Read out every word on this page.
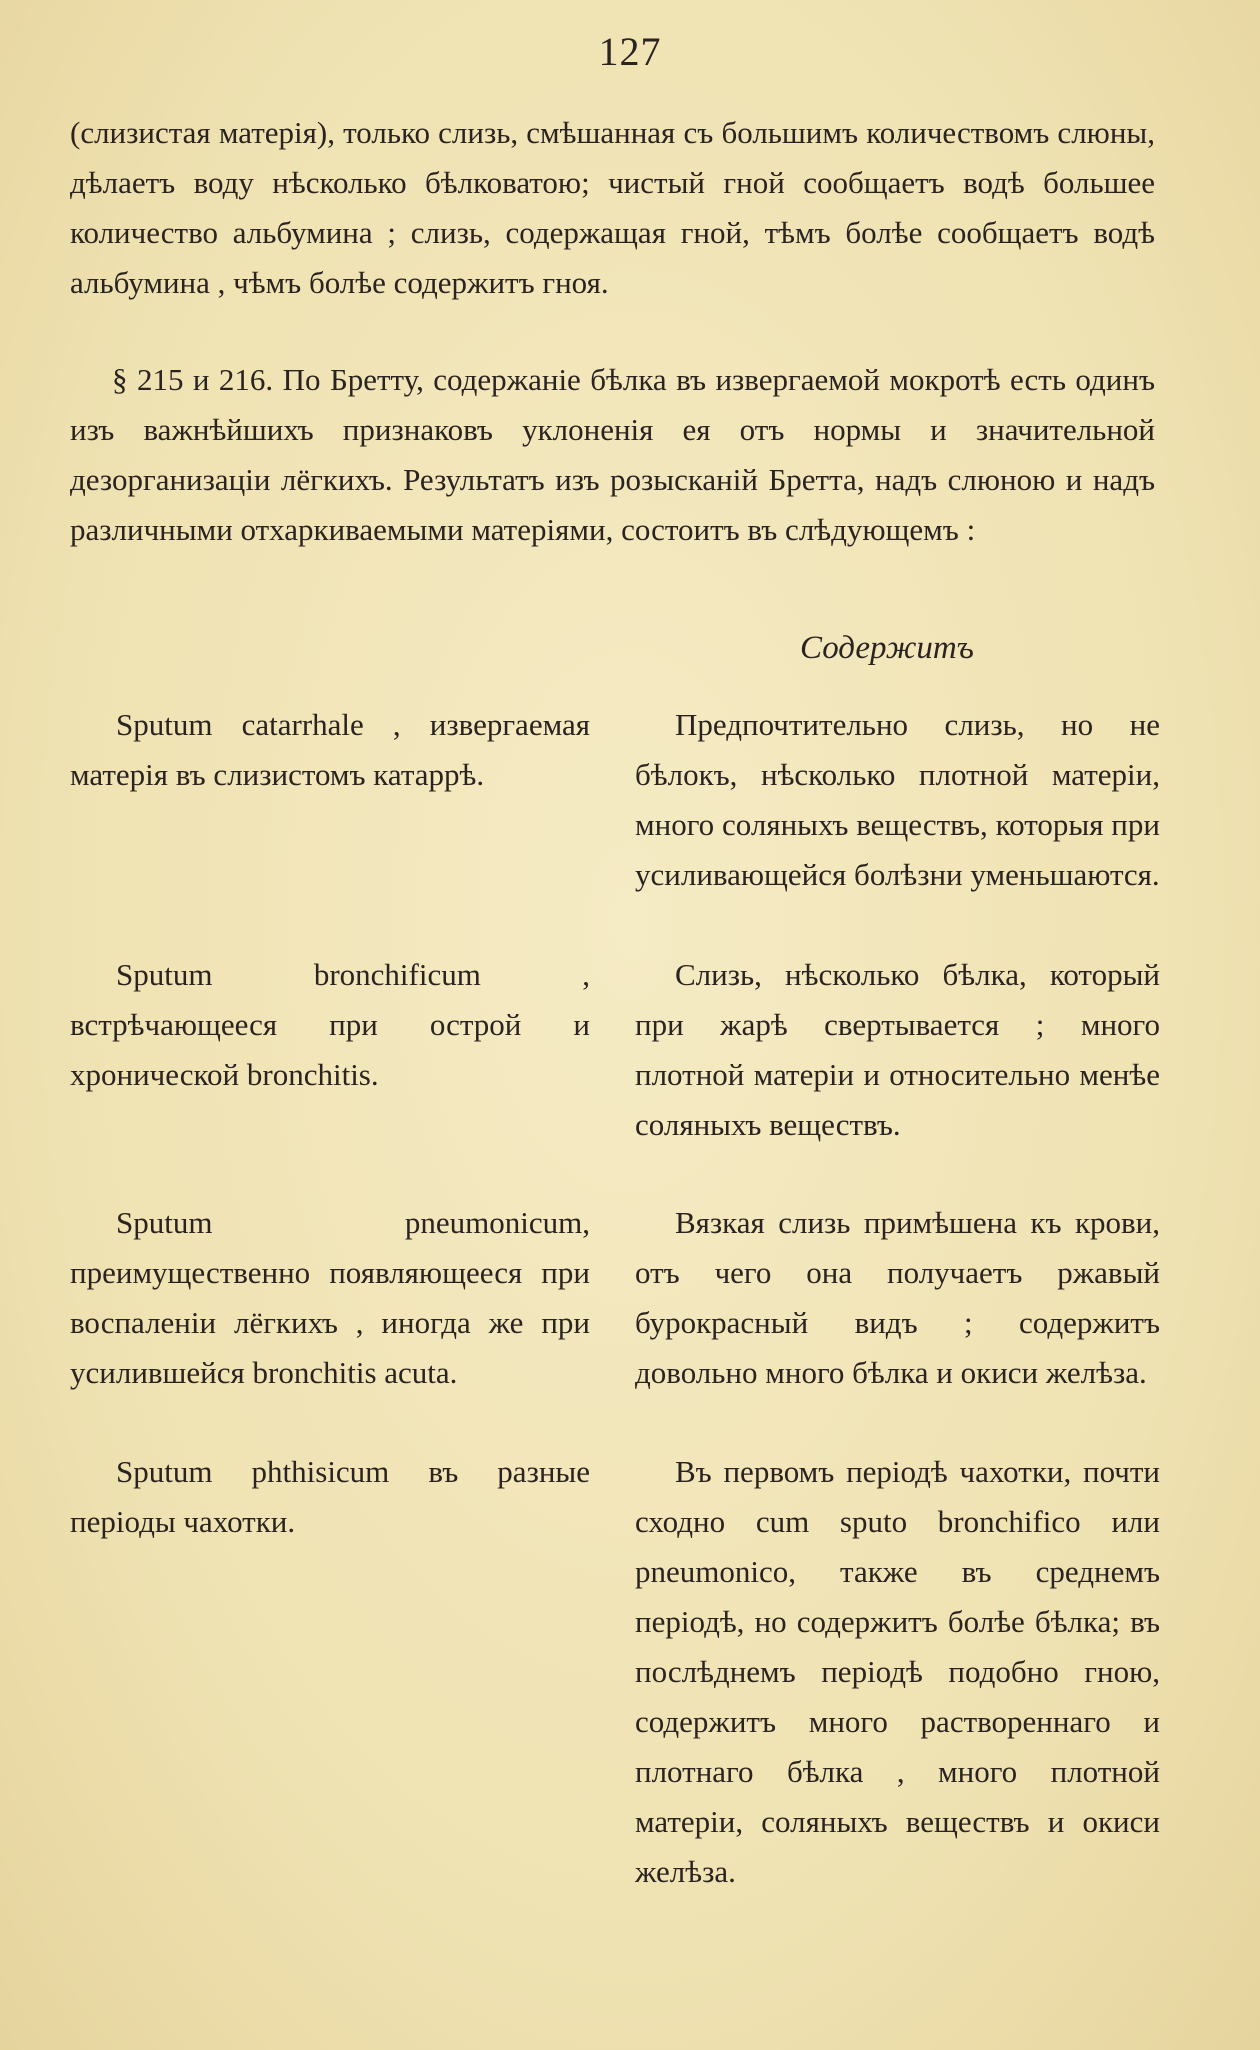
127
(слизистая матерія), только слизь, смѣшанная съ большимъ количествомъ слюны, дѣлаетъ воду нѣсколько бѣлковатою; чистый гной сообщаетъ водѣ большее количество альбумина ; слизь, содержащая гной, тѣмъ болѣе сообщаетъ водѣ альбумина , чѣмъ болѣе содержитъ гноя.
§ 215 и 216. По Бретту, содержаніе бѣлка въ извергаемой мокротѣ есть одинъ изъ важнѣйшихъ признаковъ уклоненія ея отъ нормы и значительной дезорганизаціи лёгкихъ. Результатъ изъ розысканій Бретта, надъ слюною и надъ различными отхаркиваемыми матеріями, состоитъ въ слѣдующемъ :
Содержитъ
Sputum catarrhale , извергаемая матерія въ слизистомъ катаррѣ.
Предпочтительно слизь, но не бѣлокъ, нѣсколько плотной матеріи, много соляныхъ веществъ, которыя при усиливающейся болѣзни уменьшаются.
Sputum bronchificum , встрѣчающееся при острой и хронической bronchitis.
Слизь, нѣсколько бѣлка, который при жарѣ свертывается ; много плотной матеріи и относительно менѣе соляныхъ веществъ.
Sputum pneumonicum, преимущественно появляющееся при воспаленіи лёгкихъ , иногда же при усилившейся bronchitis acuta.
Вязкая слизь примѣшена къ крови, отъ чего она получаетъ ржавый бурокрасный видъ ; содержитъ довольно много бѣлка и окиси желѣза.
Sputum phthisicum въ разные періоды чахотки.
Въ первомъ періодѣ чахотки, почти сходно cum sputo bronchifico или pneumonico, также въ среднемъ періодѣ, но содержитъ болѣе бѣлка; въ послѣднемъ періодѣ подобно гною, содержитъ много раствореннаго и плотнаго бѣлка , много плотной матеріи, соляныхъ веществъ и окиси желѣза.
